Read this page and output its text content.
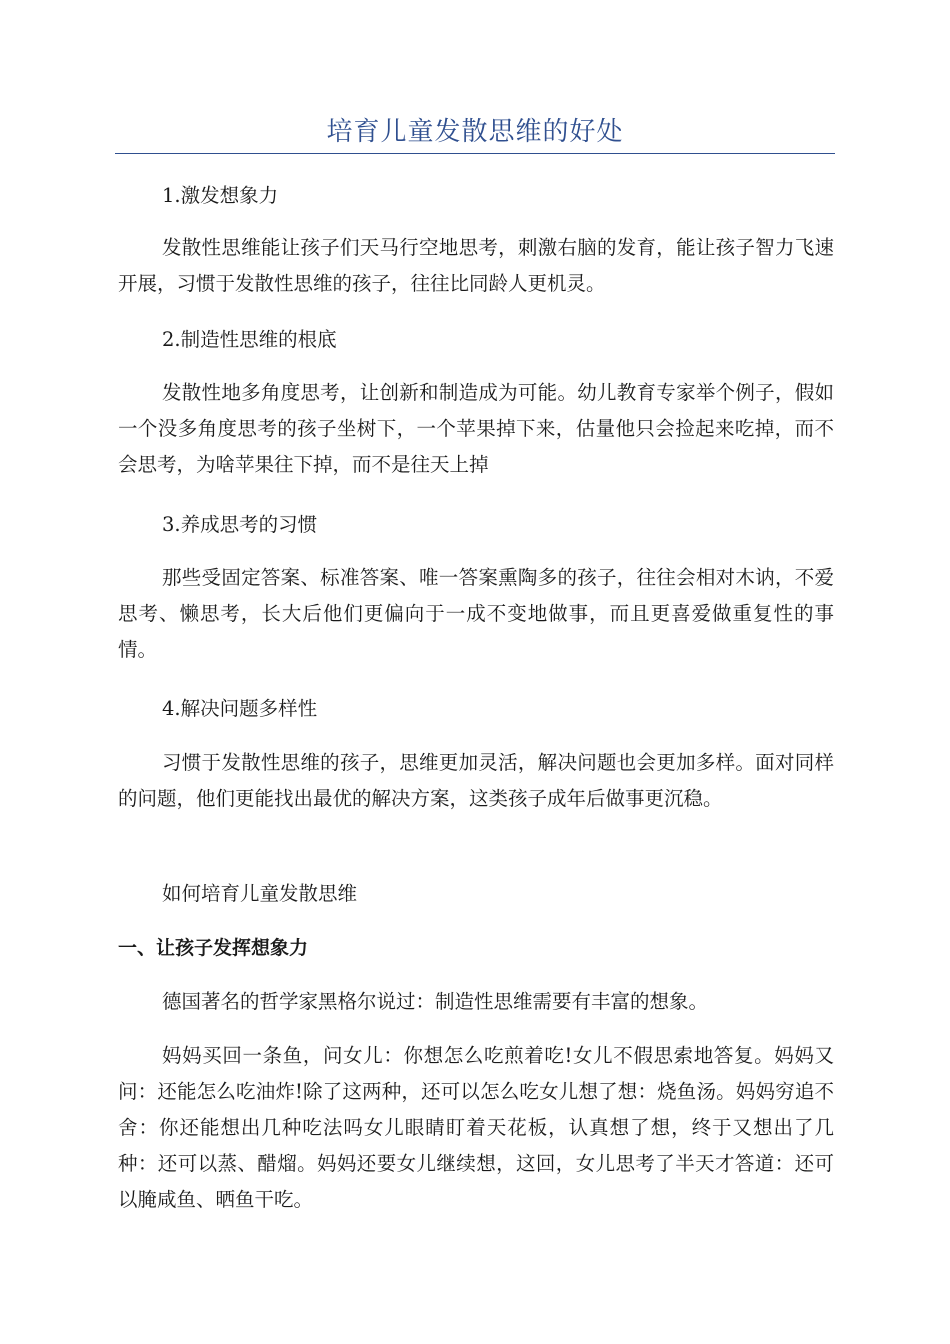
培育儿童发散思维的好处

1.激发想象力

发散性思维能让孩子们天马行空地思考，刺激右脑的发育，能让孩子智力飞速开展，习惯于发散性思维的孩子，往往比同龄人更机灵。

2.制造性思维的根底

发散性地多角度思考，让创新和制造成为可能。幼儿教育专家举个例子，假如一个没多角度思考的孩子坐树下，一个苹果掉下来，估量他只会捡起来吃掉，而不会思考，为啥苹果往下掉，而不是往天上掉

3.养成思考的习惯

那些受固定答案、标准答案、唯一答案熏陶多的孩子，往往会相对木讷，不爱思考、懒思考，长大后他们更偏向于一成不变地做事，而且更喜爱做重复性的事情。

4.解决问题多样性

习惯于发散性思维的孩子，思维更加灵活，解决问题也会更加多样。面对同样的问题，他们更能找出最优的解决方案，这类孩子成年后做事更沉稳。

如何培育儿童发散思维

一、让孩子发挥想象力

德国著名的哲学家黑格尔说过：制造性思维需要有丰富的想象。

妈妈买回一条鱼，问女儿：你想怎么吃煎着吃!女儿不假思索地答复。妈妈又问：还能怎么吃油炸!除了这两种，还可以怎么吃女儿想了想：烧鱼汤。妈妈穷追不舍：你还能想出几种吃法吗女儿眼睛盯着天花板，认真想了想，终于又想出了几种：还可以蒸、醋熘。妈妈还要女儿继续想，这回，女儿思考了半天才答道：还可以腌咸鱼、晒鱼干吃。
